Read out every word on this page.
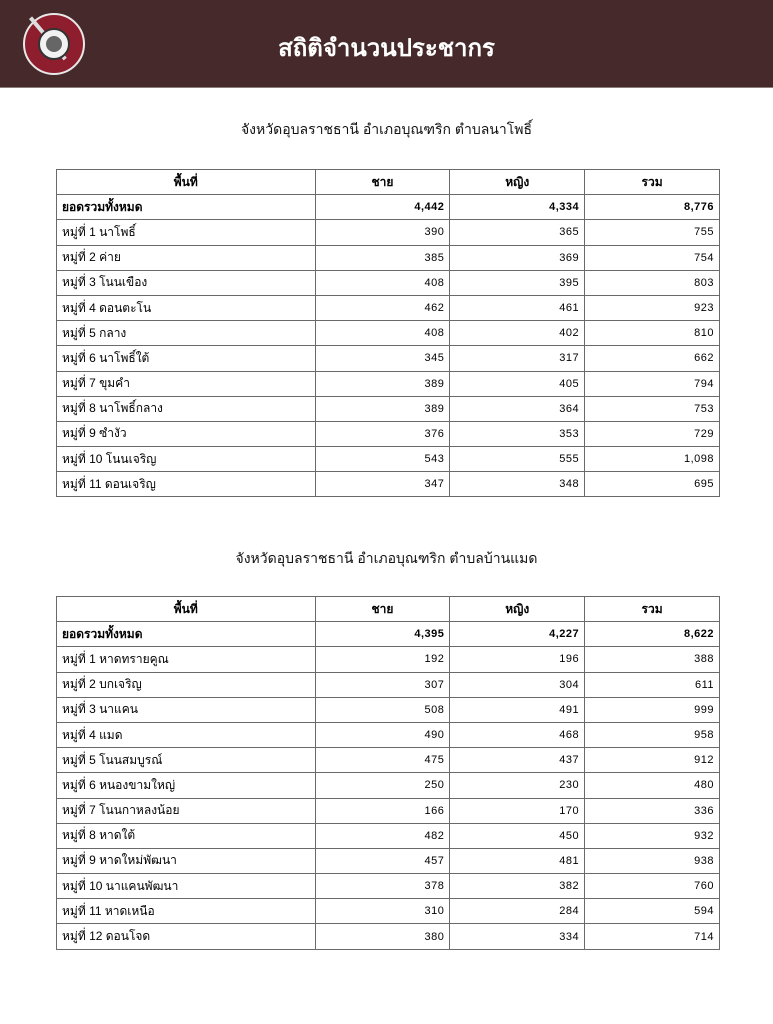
สถิติจำนวนประชากร
จังหวัดอุบลราชธานี อำเภอบุณฑริก ตำบลนาโพธิ์
พื้นที่	ชาย	หญิง	รวม
ยอดรวมทั้งหมด	4,442	4,334	8,776
หมู่ที่ 1 นาโพธิ์	390	365	755
หมู่ที่ 2 ค่าย	385	369	754
หมู่ที่ 3 โนนเขือง	408	395	803
หมู่ที่ 4 ดอนตะโน	462	461	923
หมู่ที่ 5 กลาง	408	402	810
หมู่ที่ 6 นาโพธิ์ใต้	345	317	662
หมู่ที่ 7 ขุมคำ	389	405	794
หมู่ที่ 8 นาโพธิ์กลาง	389	364	753
หมู่ที่ 9 ซำงัว	376	353	729
หมู่ที่ 10 โนนเจริญ	543	555	1,098
หมู่ที่ 11 ดอนเจริญ	347	348	695
จังหวัดอุบลราชธานี อำเภอบุณฑริก ตำบลบ้านแมด
พื้นที่	ชาย	หญิง	รวม
ยอดรวมทั้งหมด	4,395	4,227	8,622
หมู่ที่ 1 หาดทรายคูณ	192	196	388
หมู่ที่ 2 บกเจริญ	307	304	611
หมู่ที่ 3 นาแคน	508	491	999
หมู่ที่ 4 แมด	490	468	958
หมู่ที่ 5 โนนสมบูรณ์	475	437	912
หมู่ที่ 6 หนองขามใหญ่	250	230	480
หมู่ที่ 7 โนนกาหลงน้อย	166	170	336
หมู่ที่ 8 หาดใต้	482	450	932
หมู่ที่ 9 หาดใหม่พัฒนา	457	481	938
หมู่ที่ 10 นาแคนพัฒนา	378	382	760
หมู่ที่ 11 หาดเหนือ	310	284	594
หมู่ที่ 12 ดอนโจด	380	334	714
